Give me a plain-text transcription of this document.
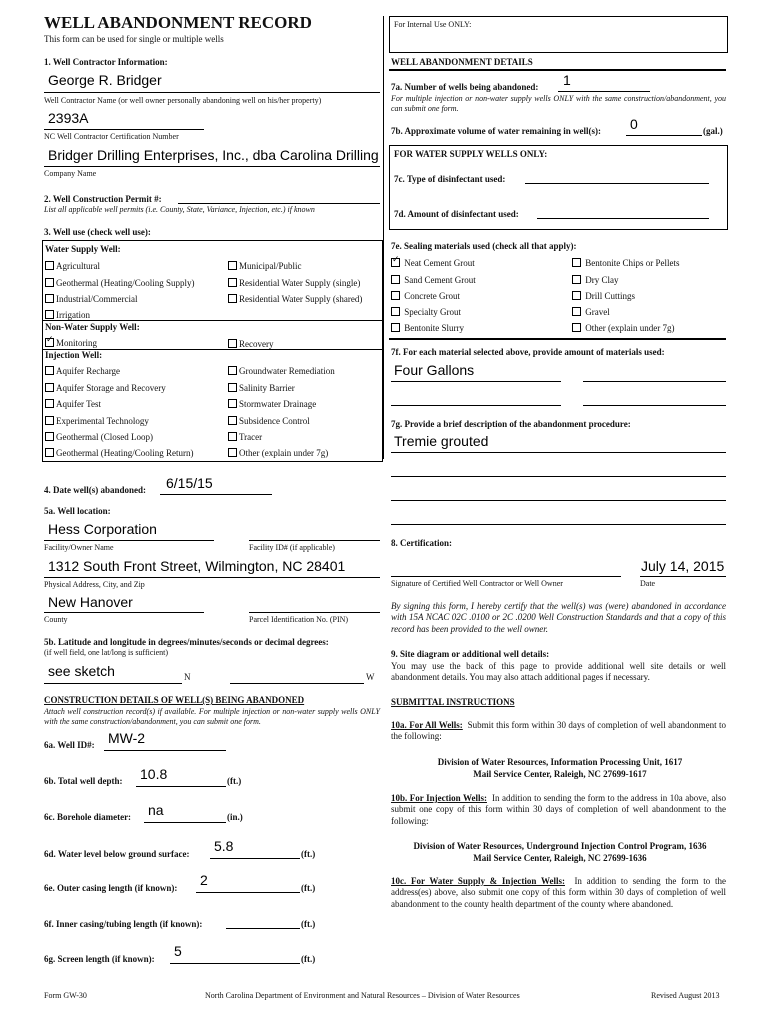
WELL ABANDONMENT RECORD
This form can be used for single or multiple wells
For Internal Use ONLY:
1. Well Contractor Information:
George R. Bridger
Well Contractor Name (or well owner personally abandoning well on his/her property)
2393A
NC Well Contractor Certification Number
Bridger Drilling Enterprises, Inc., dba Carolina Drilling
Company Name
2. Well Construction Permit #:
List all applicable well permits (i.e. County, State, Variance, Injection, etc.) if known
3. Well use (check well use):
Water Supply Well:
Agricultural	Municipal/Public
Geothermal (Heating/Cooling Supply)	Residential Water Supply (single)
Industrial/Commercial	Residential Water Supply (shared)
Irrigation
Non-Water Supply Well:
✓Monitoring	Recovery
Injection Well:
Aquifer Recharge	Groundwater Remediation
Aquifer Storage and Recovery	Salinity Barrier
Aquifer Test	Stormwater Drainage
Experimental Technology	Subsidence Control
Geothermal (Closed Loop)	Tracer
Geothermal (Heating/Cooling Return)	Other (explain under 7g)
4. Date well(s) abandoned: 6/15/15
5a. Well location:
Hess Corporation
Facility/Owner Name	Facility ID# (if applicable)
1312 South Front Street, Wilmington, NC 28401
Physical Address, City, and Zip
New Hanover
County	Parcel Identification No. (PIN)
5b. Latitude and longitude in degrees/minutes/seconds or decimal degrees:
(if well field, one lat/long is sufficient)
see sketch	N	W
CONSTRUCTION DETAILS OF WELL(S) BEING ABANDONED
Attach well construction record(s) if available. For multiple injection or non-water supply wells ONLY with the same construction/abandonment, you can submit one form.
6a. Well ID#: MW-2
6b. Total well depth: 10.8	(ft.)
6c. Borehole diameter: na	(in.)
6d. Water level below ground surface: 5.8	(ft.)
6e. Outer casing length (if known): 2	(ft.)
6f. Inner casing/tubing length (if known):	(ft.)
6g. Screen length (if known): 5	(ft.)
WELL ABANDONMENT DETAILS
7a. Number of wells being abandoned: 1
For multiple injection or non-water supply wells ONLY with the same construction/abandonment, you can submit one form.
7b. Approximate volume of water remaining in well(s): 0	(gal.)
FOR WATER SUPPLY WELLS ONLY:
7c. Type of disinfectant used:
7d. Amount of disinfectant used:
7e. Sealing materials used (check all that apply):
✓ Neat Cement Grout	Bentonite Chips or Pellets
Sand Cement Grout	Dry Clay
Concrete Grout	Drill Cuttings
Specialty Grout	Gravel
Bentonite Slurry	Other (explain under 7g)
7f. For each material selected above, provide amount of materials used:
Four Gallons
7g. Provide a brief description of the abandonment procedure:
Tremie grouted
8. Certification:
July 14, 2015
Signature of Certified Well Contractor or Well Owner	Date
By signing this form, I hereby certify that the well(s) was (were) abandoned in accordance with 15A NCAC 02C .0100 or 2C .0200 Well Construction Standards and that a copy of this record has been provided to the well owner.
9. Site diagram or additional well details:
You may use the back of this page to provide additional well site details or well abandonment details. You may also attach additional pages if necessary.
SUBMITTAL INSTRUCTIONS
10a. For All Wells: Submit this form within 30 days of completion of well abandonment to the following:
Division of Water Resources, Information Processing Unit, 1617 Mail Service Center, Raleigh, NC 27699-1617
10b. For Injection Wells: In addition to sending the form to the address in 10a above, also submit one copy of this form within 30 days of completion of well abandonment to the following:
Division of Water Resources, Underground Injection Control Program, 1636 Mail Service Center, Raleigh, NC 27699-1636
10c. For Water Supply & Injection Wells: In addition to sending the form to the address(es) above, also submit one copy of this form within 30 days of completion of well abandonment to the county health department of the county where abandoned.
Form GW-30	North Carolina Department of Environment and Natural Resources – Division of Water Resources	Revised August 2013
